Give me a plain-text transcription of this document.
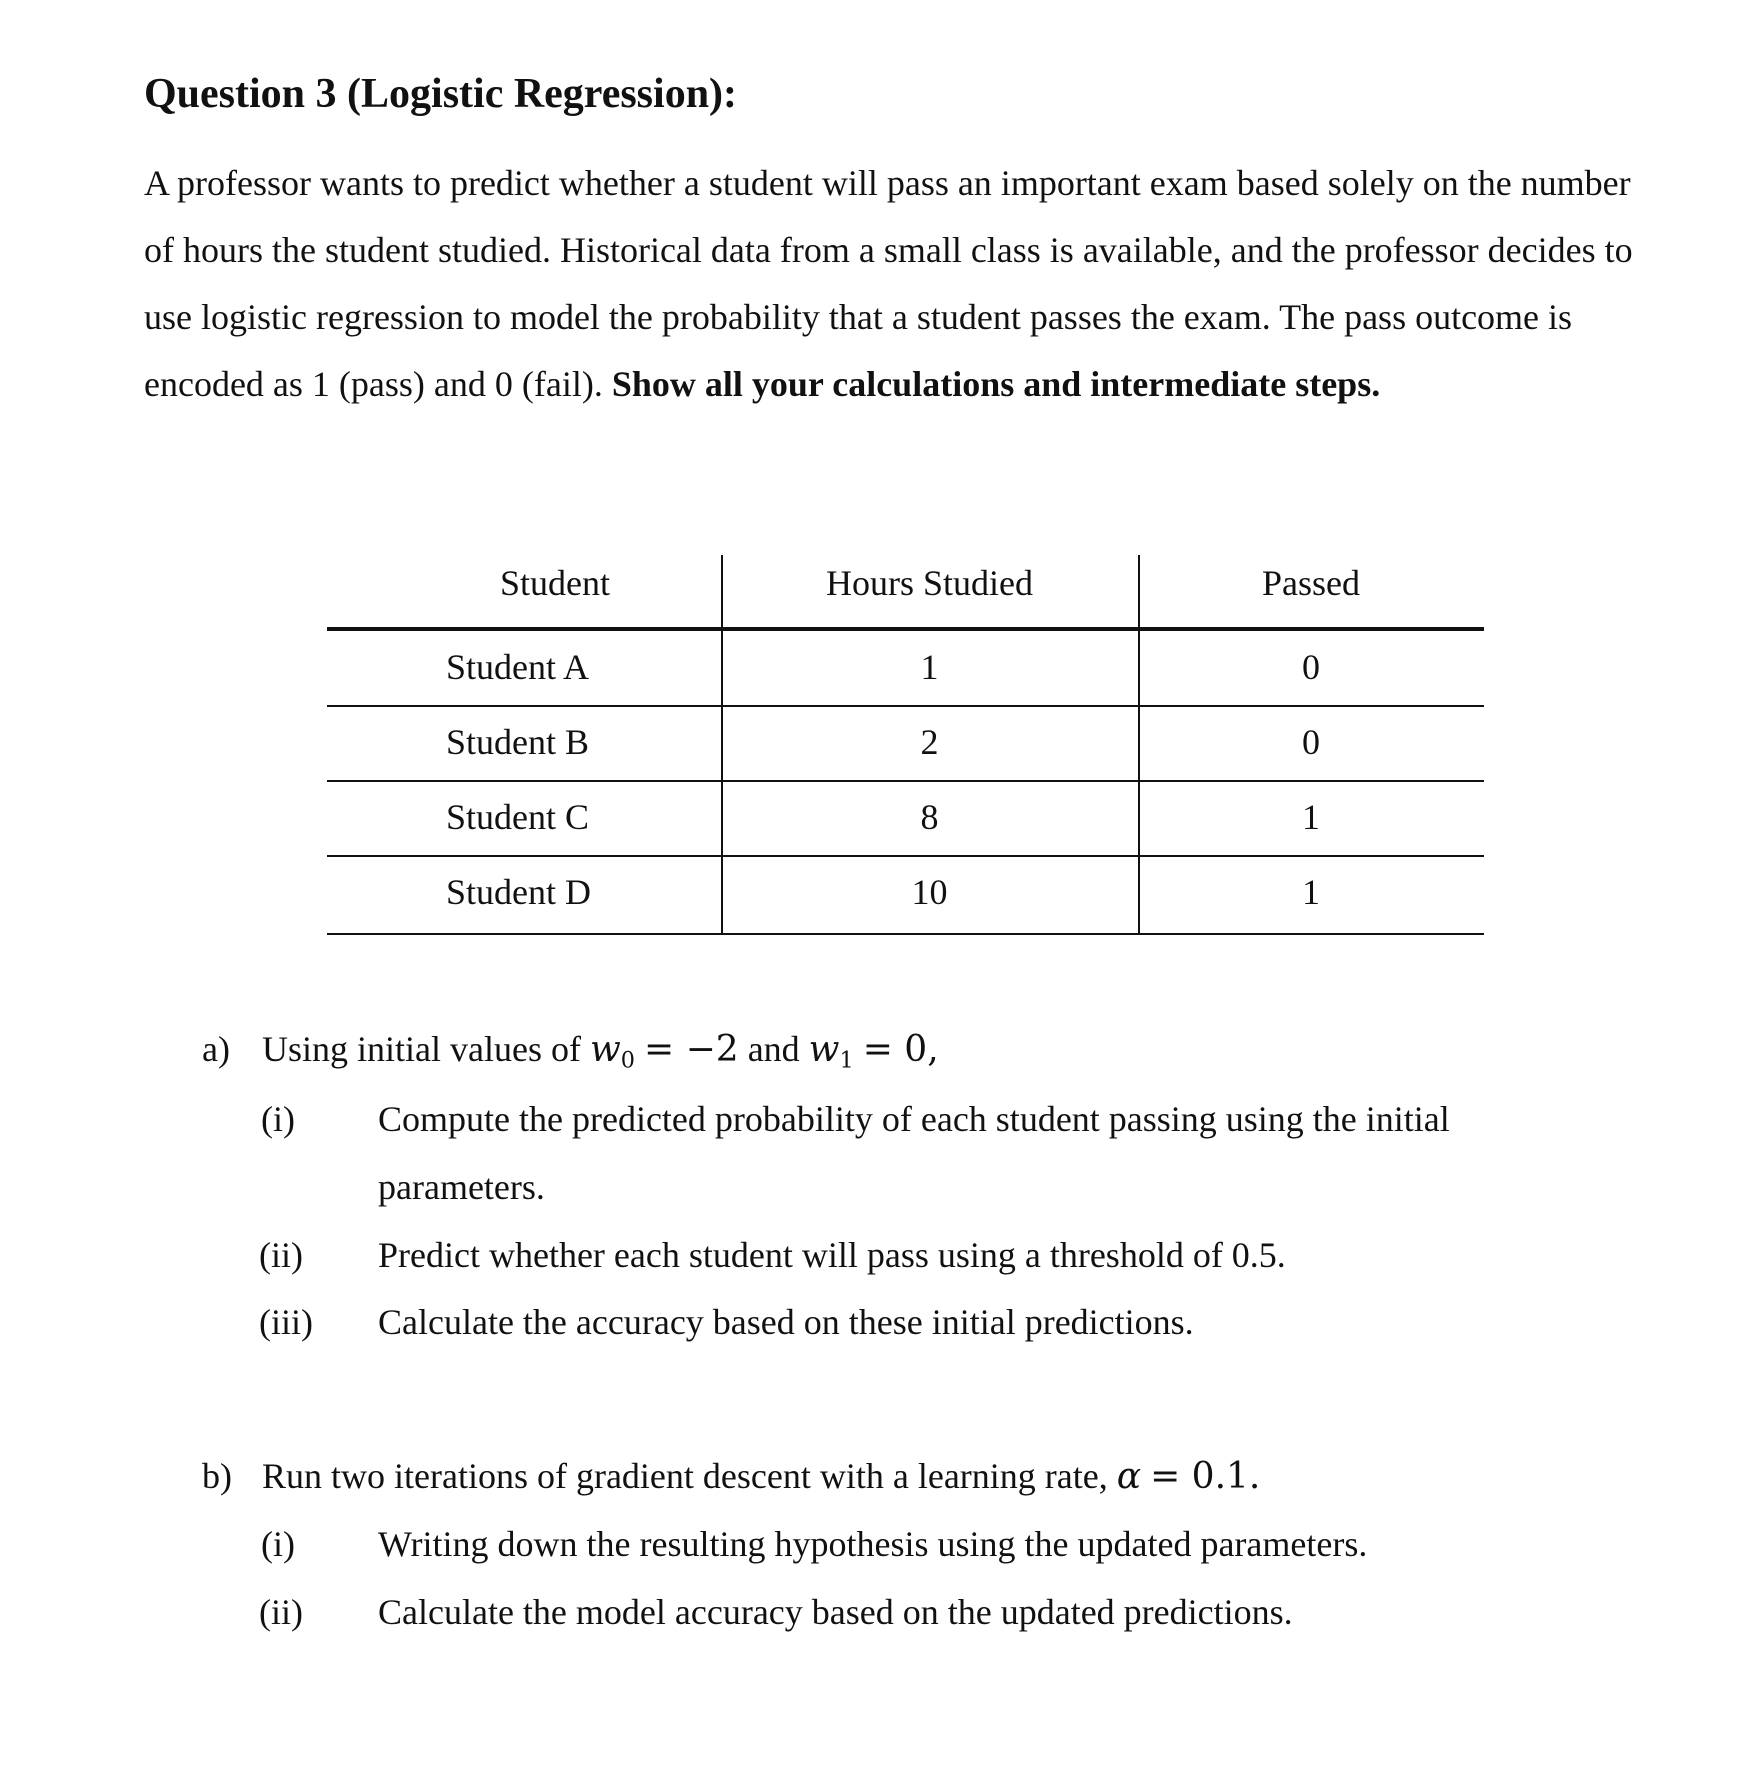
Question 3 (Logistic Regression):

A professor wants to predict whether a student will pass an important exam based solely on the number of hours the student studied. Historical data from a small class is available, and the professor decides to use logistic regression to model the probability that a student passes the exam. The pass outcome is encoded as 1 (pass) and 0 (fail). Show all your calculations and intermediate steps.

Student	Hours Studied	Passed
Student A	1	0
Student B	2	0
Student C	8	1
Student D	10	1
a) Using initial values of $w_0 = -2$ and $w_1 = 0$,
(i) Compute the predicted probability of each student passing using the initial
parameters.
(ii) Predict whether each student will pass using a threshold of 0.5.
(iii) Calculate the accuracy based on these initial predictions.
b) Run two iterations of gradient descent with a learning rate, α = 0.1.
(i) Writing down the resulting hypothesis using the updated parameters.
(ii) Calculate the model accuracy based on the updated predictions.
